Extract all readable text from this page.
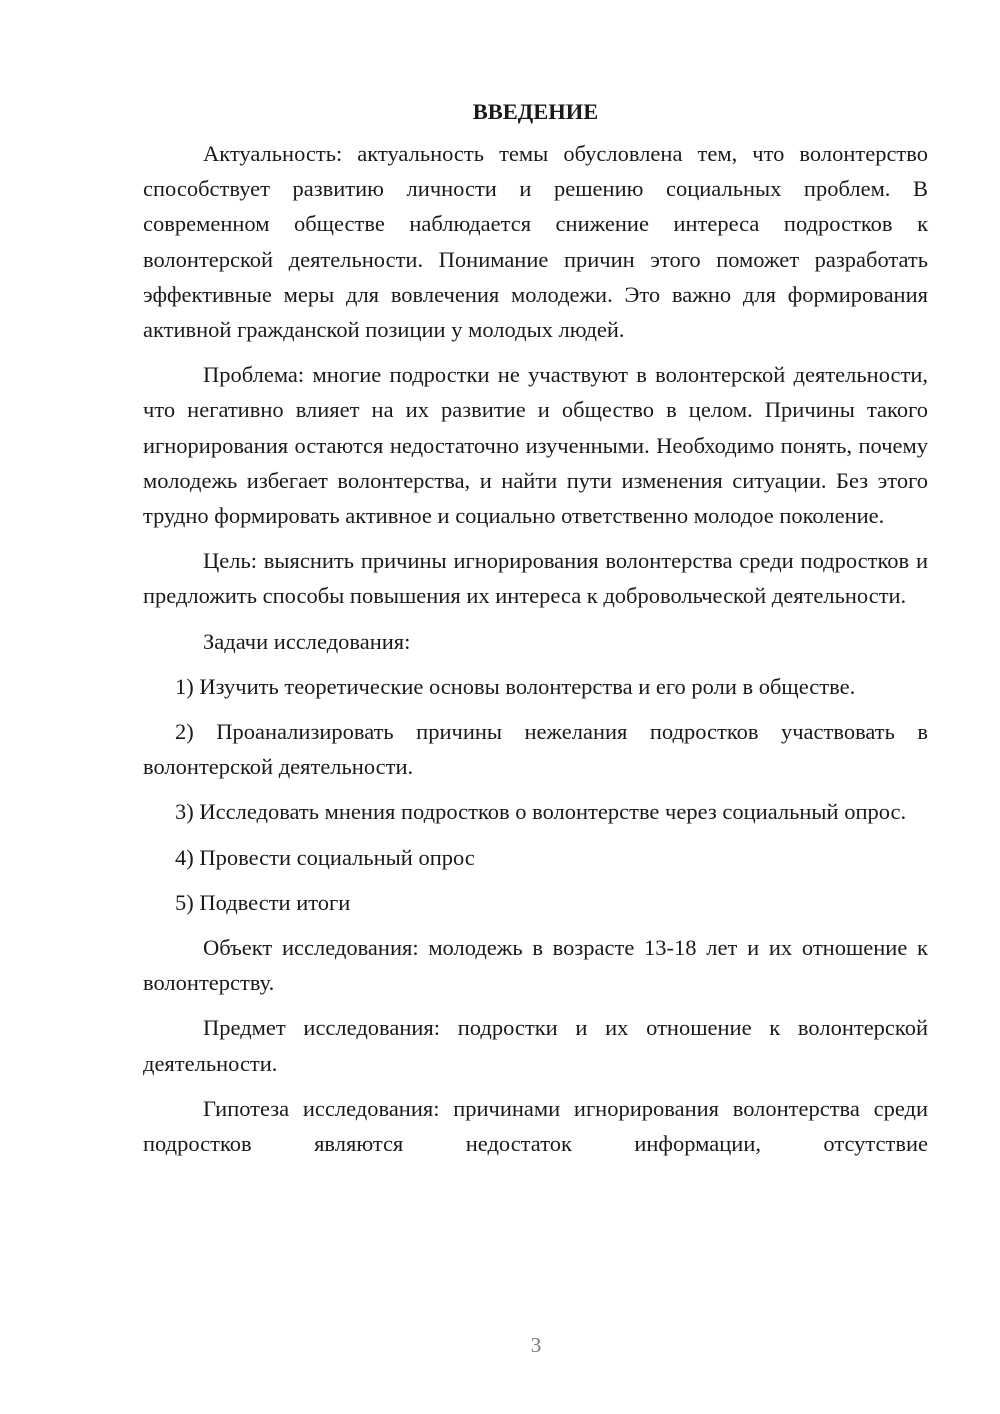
ВВЕДЕНИЕ

Актуальность: актуальность темы обусловлена тем, что волонтерство способствует развитию личности и решению социальных проблем. В современном обществе наблюдается снижение интереса подростков к волонтерской деятельности. Понимание причин этого поможет разработать эффективные меры для вовлечения молодежи. Это важно для формирования активной гражданской позиции у молодых людей.

Проблема: многие подростки не участвуют в волонтерской деятельности, что негативно влияет на их развитие и общество в целом. Причины такого игнорирования остаются недостаточно изученными. Необходимо понять, почему молодежь избегает волонтерства, и найти пути изменения ситуации. Без этого трудно формировать активное и социально ответственно молодое поколение.

Цель: выяснить причины игнорирования волонтерства среди подростков и предложить способы повышения их интереса к добровольческой деятельности.

Задачи исследования:

1) Изучить теоретические основы волонтерства и его роли в обществе.

2) Проанализировать причины нежелания подростков участвовать в волонтерской деятельности.

3) Исследовать мнения подростков о волонтерстве через социальный опрос.

4) Провести социальный опрос

5) Подвести итоги

Объект исследования: молодежь в возрасте 13-18 лет и их отношение к волонтерству.

Предмет исследования: подростки и их отношение к волонтерской деятельности.

Гипотеза исследования: причинами игнорирования волонтерства среди подростков являются недостаток информации, отсутствие

3
